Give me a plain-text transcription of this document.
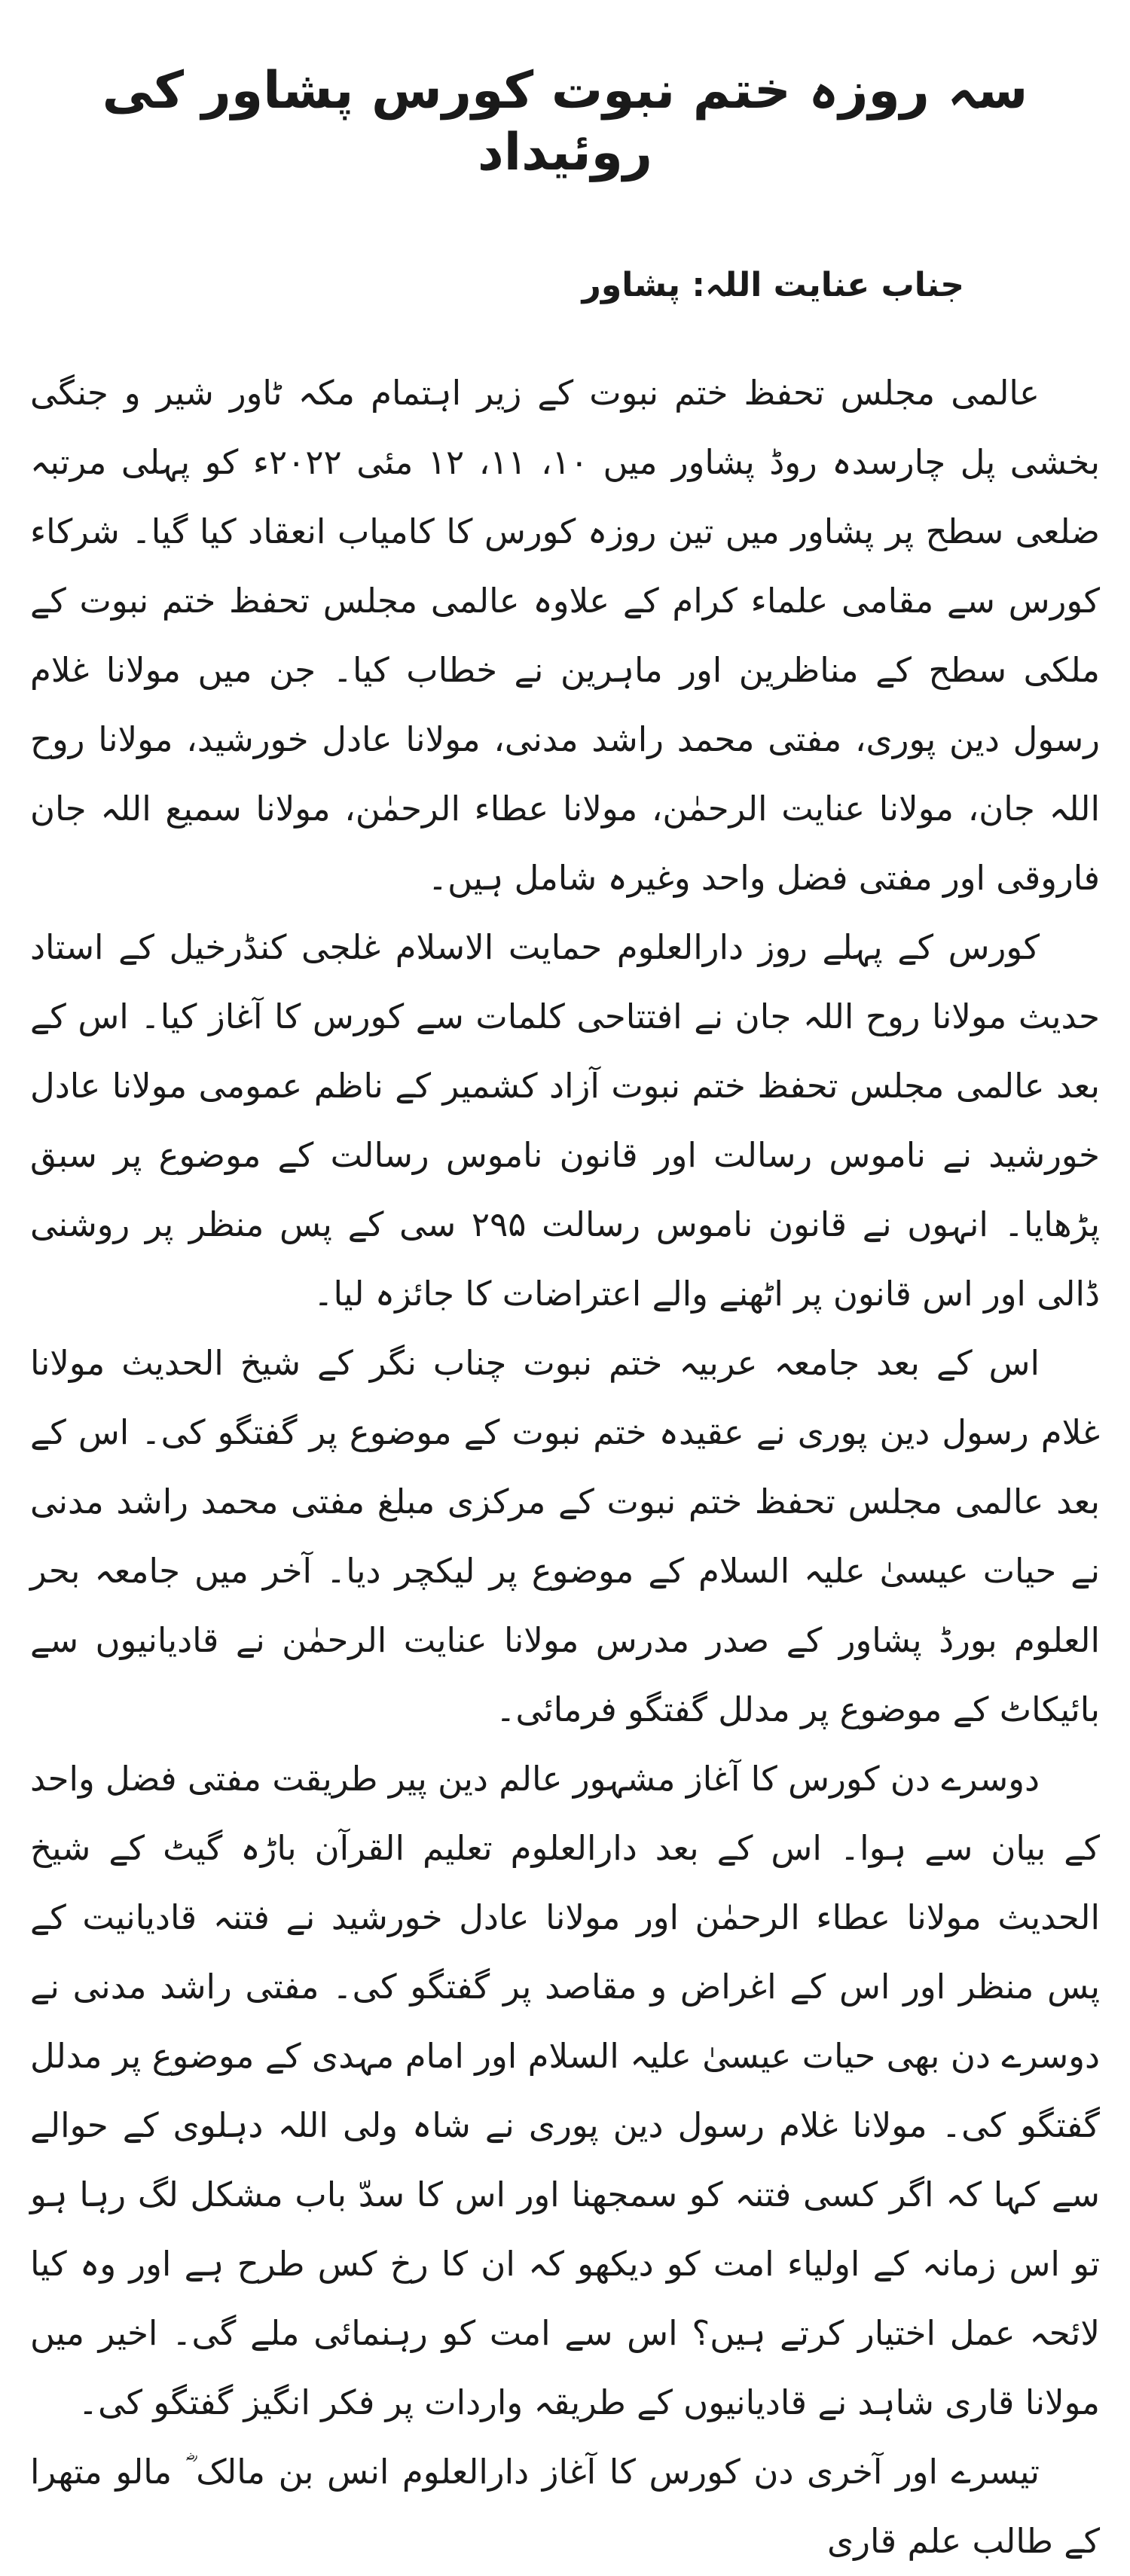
سہ روزہ ختم نبوت کورس پشاور کی روئیداد
جناب عنایت اللہ: پشاور

عالمی مجلس تحفظ ختم نبوت کے زیر اہتمام مکہ ٹاور شیر و جنگی بخشی پل چارسدہ روڈ پشاور میں ۱۰، ۱۱، ۱۲ مئی ۲۰۲۲ء کو پہلی مرتبہ ضلعی سطح پر پشاور میں تین روزہ کورس کا کامیاب انعقاد کیا گیا۔ شرکاء کورس سے مقامی علماء کرام کے علاوہ عالمی مجلس تحفظ ختم نبوت کے ملکی سطح کے مناظرین اور ماہرین نے خطاب کیا۔ جن میں مولانا غلام رسول دین پوری، مفتی محمد راشد مدنی، مولانا عادل خورشید، مولانا روح اللہ جان، مولانا عنایت الرحمٰن، مولانا عطاء الرحمٰن، مولانا سمیع اللہ جان فاروقی اور مفتی فضل واحد وغیرہ شامل ہیں۔

کورس کے پہلے روز دارالعلوم حمایت الاسلام غلجی کنڈرخیل کے استاد حدیث مولانا روح اللہ جان نے افتتاحی کلمات سے کورس کا آغاز کیا۔ اس کے بعد عالمی مجلس تحفظ ختم نبوت آزاد کشمیر کے ناظم عمومی مولانا عادل خورشید نے ناموس رسالت اور قانون ناموس رسالت کے موضوع پر سبق پڑھایا۔ انہوں نے قانون ناموس رسالت ۲۹۵ سی کے پس منظر پر روشنی ڈالی اور اس قانون پر اٹھنے والے اعتراضات کا جائزہ لیا۔

اس کے بعد جامعہ عربیہ ختم نبوت چناب نگر کے شیخ الحدیث مولانا غلام رسول دین پوری نے عقیدہ ختم نبوت کے موضوع پر گفتگو کی۔ اس کے بعد عالمی مجلس تحفظ ختم نبوت کے مرکزی مبلغ مفتی محمد راشد مدنی نے حیات عیسیٰ علیہ السلام کے موضوع پر لیکچر دیا۔ آخر میں جامعہ بحر العلوم بورڈ پشاور کے صدر مدرس مولانا عنایت الرحمٰن نے قادیانیوں سے بائیکاٹ کے موضوع پر مدلل گفتگو فرمائی۔

دوسرے دن کورس کا آغاز مشہور عالم دین پیر طریقت مفتی فضل واحد کے بیان سے ہوا۔ اس کے بعد دارالعلوم تعلیم القرآن باڑہ گیٹ کے شیخ الحدیث مولانا عطاء الرحمٰن اور مولانا عادل خورشید نے فتنہ قادیانیت کے پس منظر اور اس کے اغراض و مقاصد پر گفتگو کی۔ مفتی راشد مدنی نے دوسرے دن بھی حیات عیسیٰ علیہ السلام اور امام مہدی کے موضوع پر مدلل گفتگو کی۔ مولانا غلام رسول دین پوری نے شاہ ولی اللہ دہلوی کے حوالے سے کہا کہ اگر کسی فتنہ کو سمجھنا اور اس کا سدّ باب مشکل لگ رہا ہو تو اس زمانہ کے اولیاء امت کو دیکھو کہ ان کا رخ کس طرح ہے اور وہ کیا لائحہ عمل اختیار کرتے ہیں؟ اس سے امت کو رہنمائی ملے گی۔ اخیر میں مولانا قاری شاہد نے قادیانیوں کے طریقہ واردات پر فکر انگیز گفتگو کی۔

تیسرے اور آخری دن کورس کا آغاز دارالعلوم انس بن مالک ؓ مالو متھرا کے طالب علم قاری
